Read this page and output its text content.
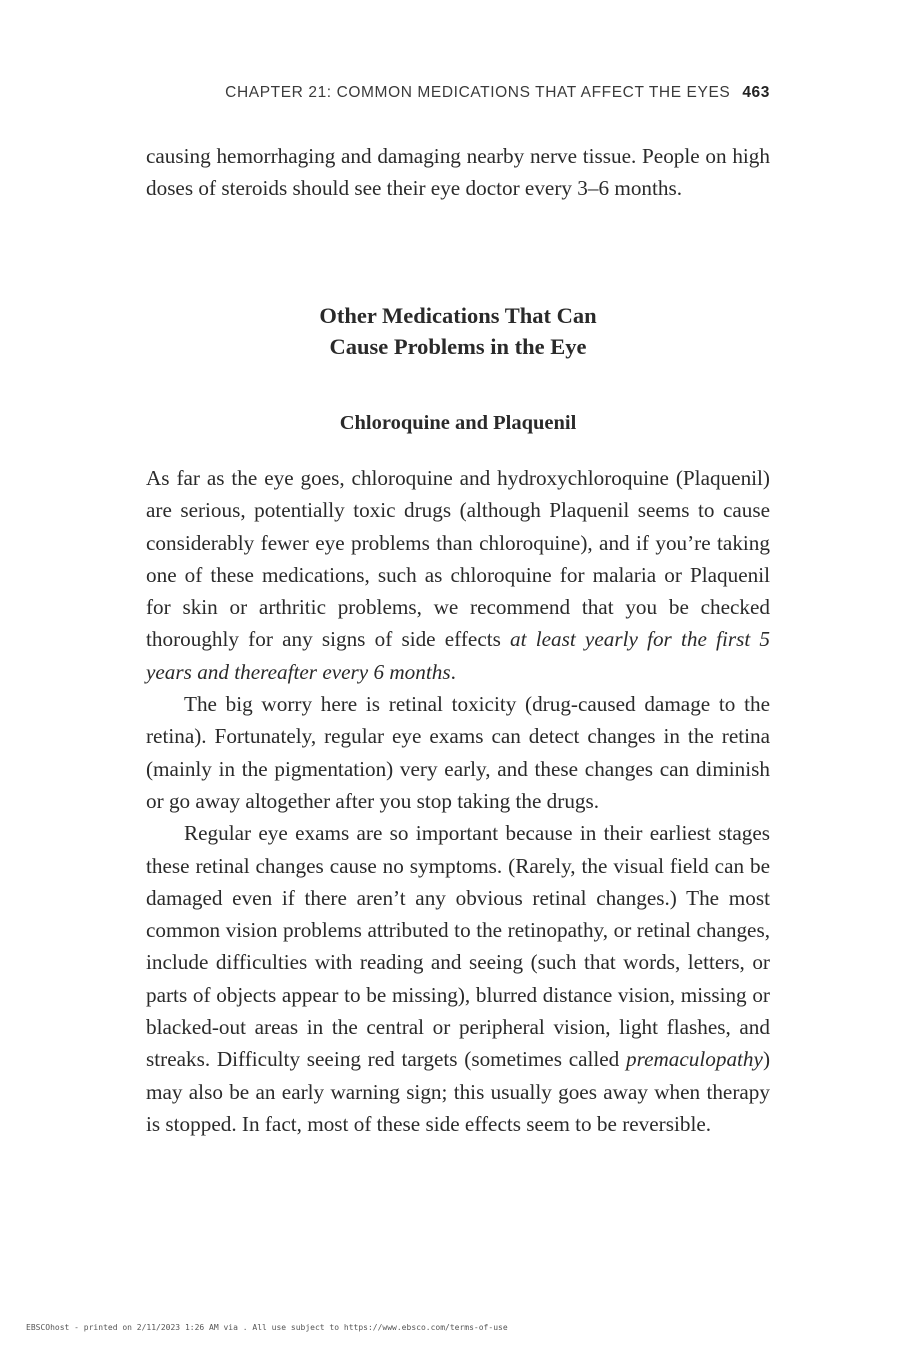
CHAPTER 21: COMMON MEDICATIONS THAT AFFECT THE EYES 463

causing hemorrhaging and damaging nearby nerve tissue. People on high doses of steroids should see their eye doctor every 3–6 months.

Other Medications That Can
Cause Problems in the Eye
Chloroquine and Plaquenil

As far as the eye goes, chloroquine and hydroxychloroquine (Plaquenil) are serious, potentially toxic drugs (although Plaquenil seems to cause considerably fewer eye problems than chloroquine), and if you’re taking one of these medications, such as chloroquine for malaria or Plaquenil for skin or arthritic problems, we recommend that you be checked thoroughly for any signs of side effects at least yearly for the first 5 years and thereafter every 6 months.

The big worry here is retinal toxicity (drug-caused damage to the retina). Fortunately, regular eye exams can detect changes in the retina (mainly in the pigmentation) very early, and these changes can diminish or go away altogether after you stop taking the drugs.

Regular eye exams are so important because in their earliest stages these retinal changes cause no symptoms. (Rarely, the visual field can be damaged even if there aren’t any obvious retinal changes.) The most common vision problems attributed to the retinopathy, or retinal changes, include difficulties with reading and seeing (such that words, letters, or parts of objects appear to be missing), blurred distance vision, missing or blacked-out areas in the central or peripheral vision, light flashes, and streaks. Difficulty seeing red targets (sometimes called premaculopathy) may also be an early warning sign; this usually goes away when therapy is stopped. In fact, most of these side effects seem to be reversible.

EBSCOhost - printed on 2/11/2023 1:26 AM via . All use subject to https://www.ebsco.com/terms-of-use
